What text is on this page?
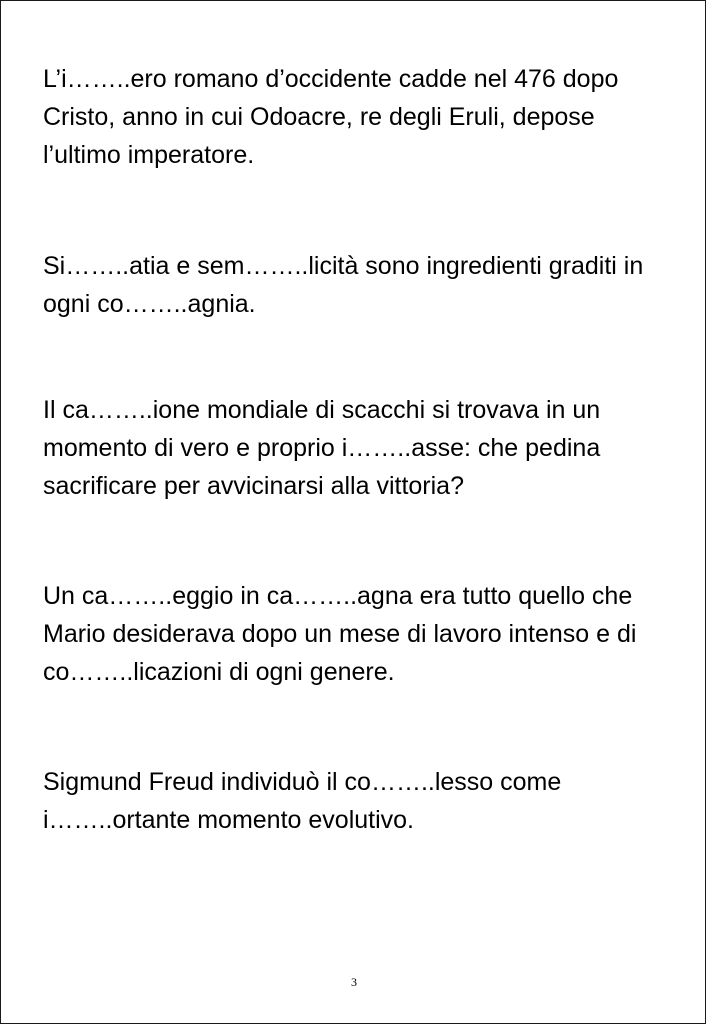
L’i……..ero romano d’occidente cadde nel 476 dopo
Cristo, anno in cui Odoacre, re degli Eruli, depose
l’ultimo imperatore.

Si……..atia e sem……..licità sono ingredienti graditi in
ogni co……..agnia.

Il ca……..ione mondiale di scacchi si trovava in un
momento di vero e proprio i……..asse: che pedina
sacrificare per avvicinarsi alla vittoria?

Un ca……..eggio in ca……..agna era tutto quello che
Mario desiderava dopo un mese di lavoro intenso e di
co……..licazioni di ogni genere.

Sigmund Freud individuò il co……..lesso come
i……..ortante momento evolutivo.

3
